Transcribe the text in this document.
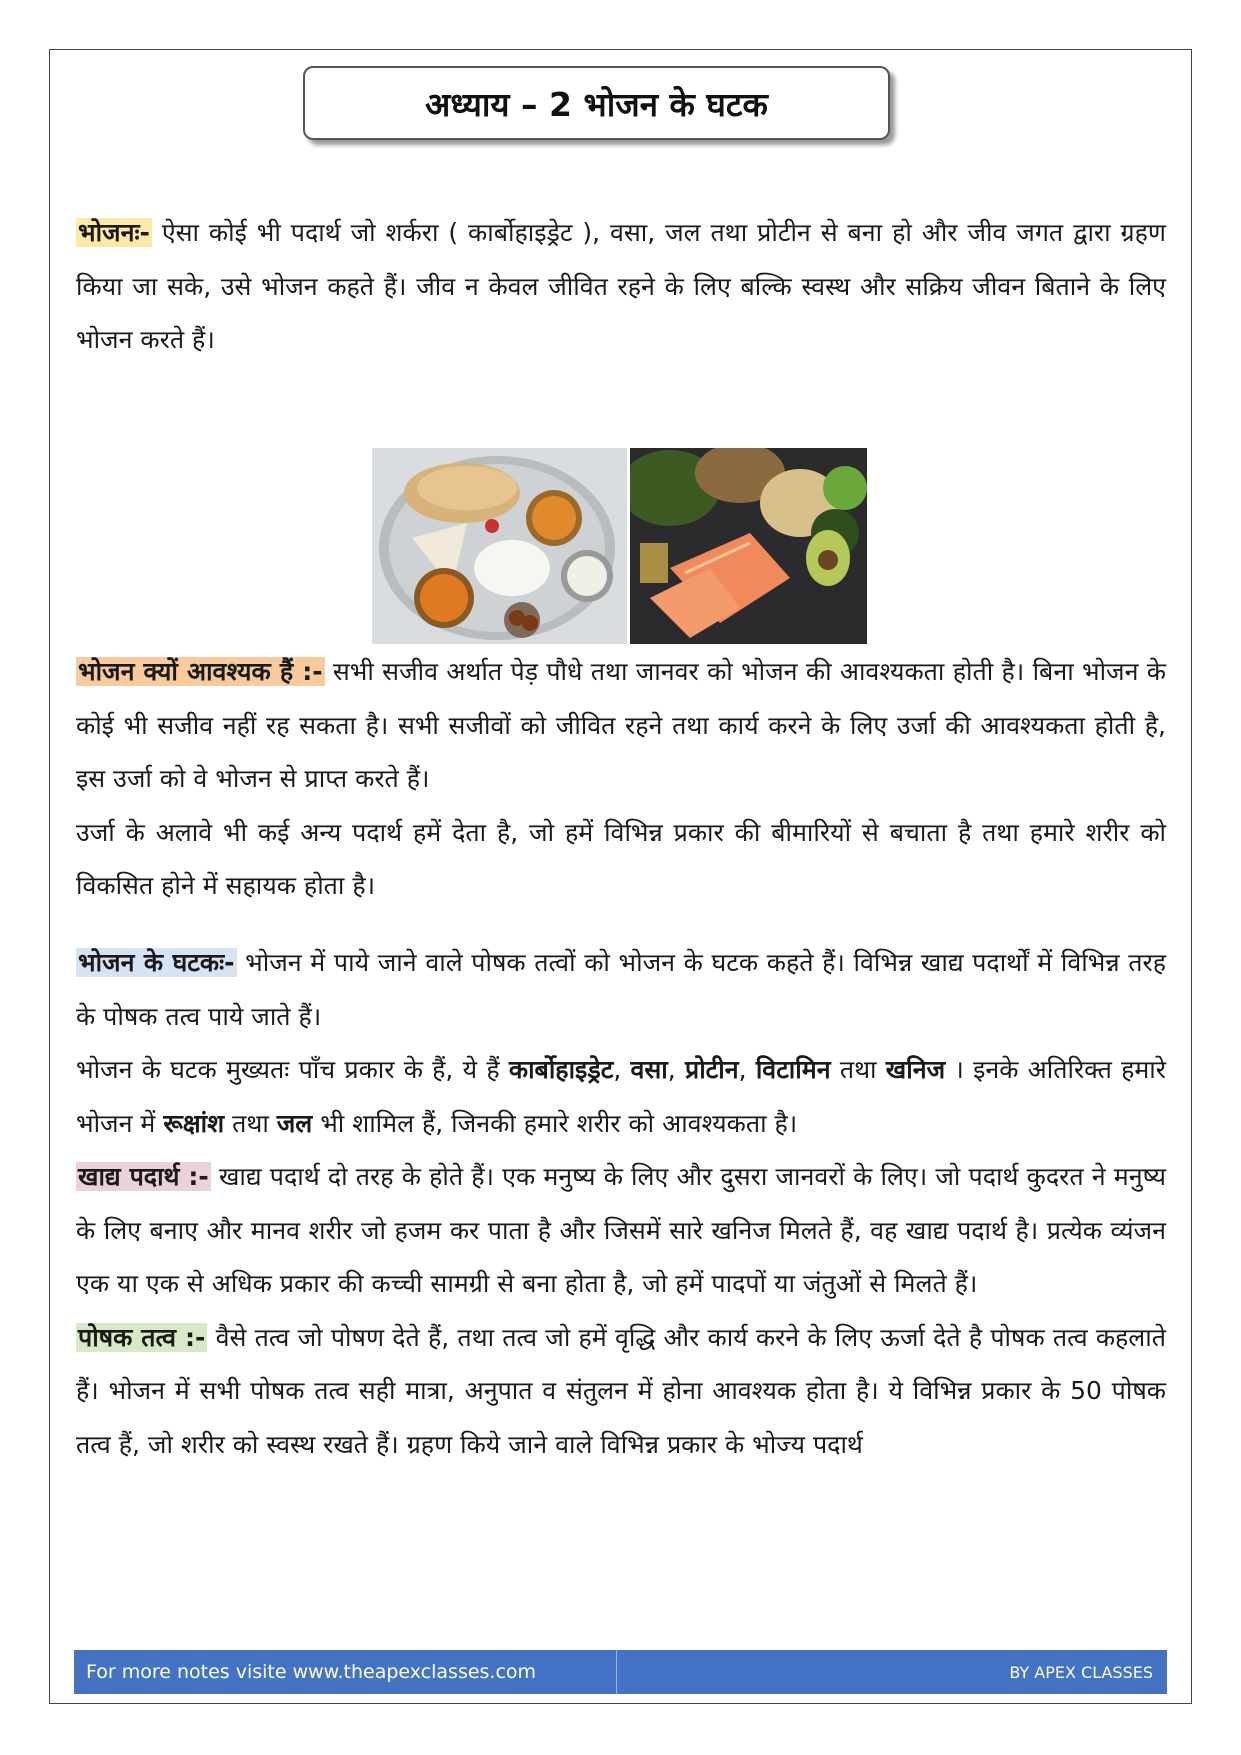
अध्याय – 2 भोजन के घटक

भोजनः- ऐसा कोई भी पदार्थ जो शर्करा ( कार्बोहाइड्रेट ), वसा, जल तथा प्रोटीन से बना हो और जीव जगत द्वारा ग्रहण किया जा सके, उसे भोजन कहते हैं। जीव न केवल जीवित रहने के लिए बल्कि स्वस्थ और सक्रिय जीवन बिताने के लिए भोजन करते हैं।

भोजन क्यों आवश्यक हैं :- सभी सजीव अर्थात पेड़ पौधे तथा जानवर को भोजन की आवश्यकता होती है। बिना भोजन के कोई भी सजीव नहीं रह सकता है। सभी सजीवों को जीवित रहने तथा कार्य करने के लिए उर्जा की आवश्यकता होती है, इस उर्जा को वे भोजन से प्राप्त करते हैं।

उर्जा के अलावे भी कई अन्य पदार्थ हमें देता है, जो हमें विभिन्न प्रकार की बीमारियों से बचाता है तथा हमारे शरीर को विकसित होने में सहायक होता है।

भोजन के घटकः- भोजन में पाये जाने वाले पोषक तत्वों को भोजन के घटक कहते हैं। विभिन्न खाद्य पदार्थों में विभिन्न तरह के पोषक तत्व पाये जाते हैं।

भोजन के घटक मुख्यतः पाँच प्रकार के हैं, ये हैं कार्बोहाइड्रेट, वसा, प्रोटीन, विटामिन तथा खनिज । इनके अतिरिक्त हमारे भोजन में रूक्षांश तथा जल भी शामिल हैं, जिनकी हमारे शरीर को आवश्यकता है।

खाद्य पदार्थ :- खाद्य पदार्थ दो तरह के होते हैं। एक मनुष्य के लिए और दुसरा जानवरों के लिए। जो पदार्थ कुदरत ने मनुष्य के लिए बनाए और मानव शरीर जो हजम कर पाता है और जिसमें सारे खनिज मिलते हैं, वह खाद्य पदार्थ है। प्रत्येक व्यंजन एक या एक से अधिक प्रकार की कच्ची सामग्री से बना होता है, जो हमें पादपों या जंतुओं से मिलते हैं।

पोषक तत्व :- वैसे तत्व जो पोषण देते हैं, तथा तत्व जो हमें वृद्धि और कार्य करने के लिए ऊर्जा देते है पोषक तत्व कहलाते हैं। भोजन में सभी पोषक तत्व सही मात्रा, अनुपात व संतुलन में होना आवश्यक होता है। ये विभिन्न प्रकार के 50 पोषक तत्व हैं, जो शरीर को स्वस्थ रखते हैं। ग्रहण किये जाने वाले विभिन्न प्रकार के भोज्य पदार्थ

For more notes visite www.theapexclasses.com	BY APEX CLASSES
